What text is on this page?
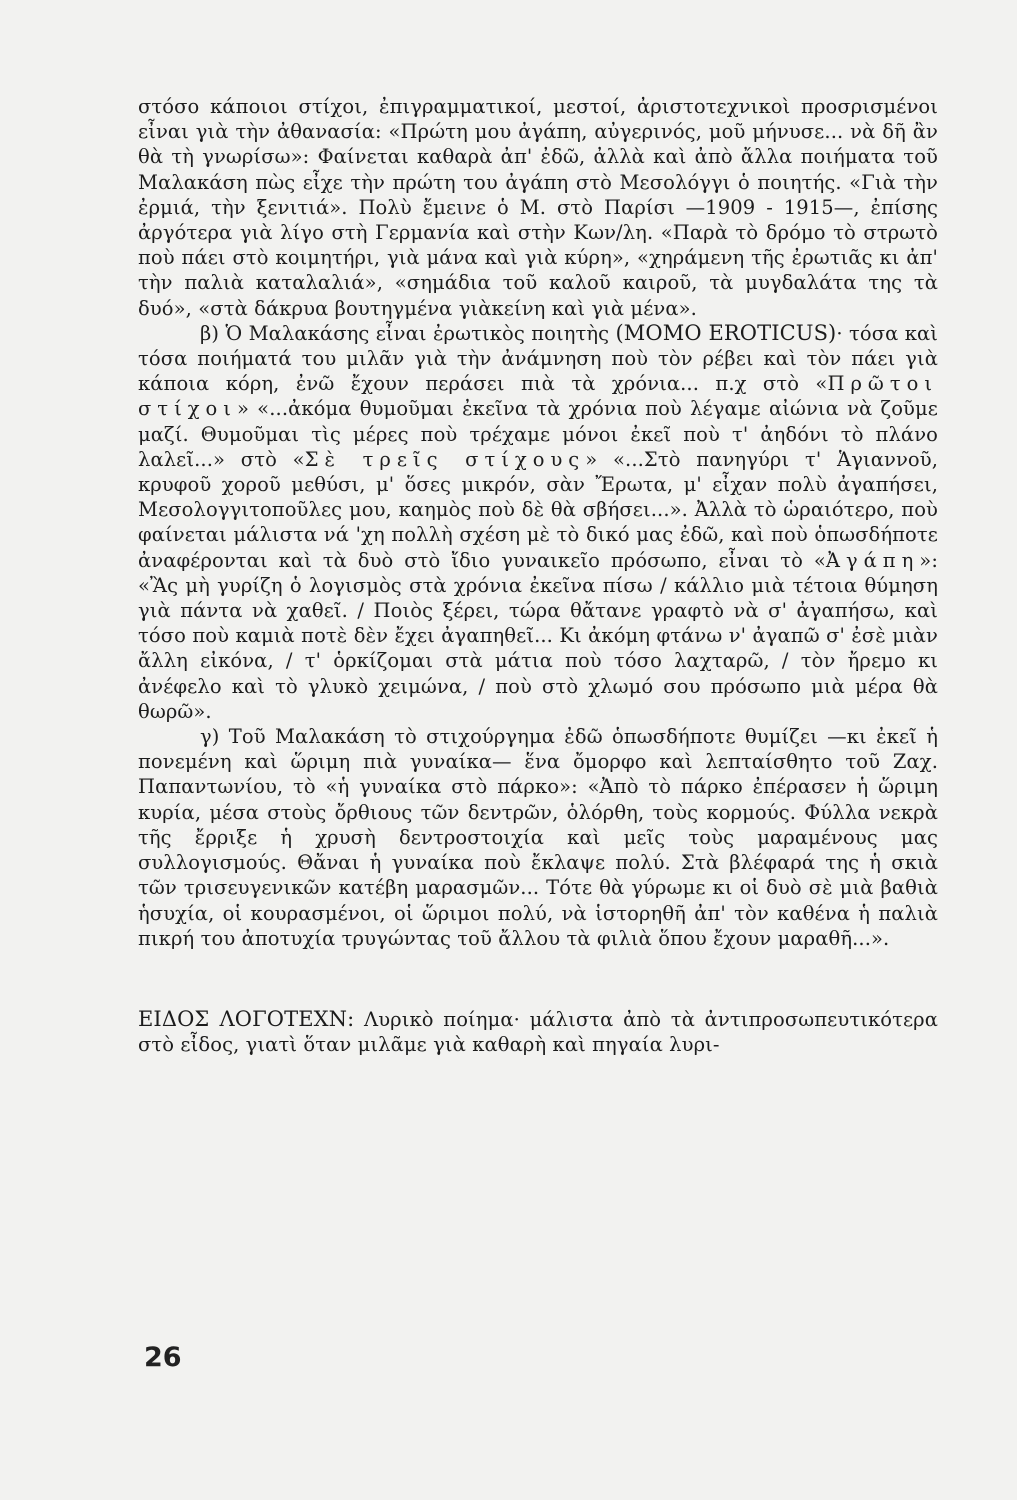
στόσο κάποιοι στίχοι, ἐπιγραμματικοί, μεστοί, ἀριστοτεχνικοὶ προσρισμένοι εἶναι γιὰ τὴν ἀθανασία: «Πρώτη μου ἀγάπη, αὐγερινός, μοῦ μήνυσε... νὰ δῆ ἂν θὰ τὴ γνωρίσω»: Φαίνεται καθαρὰ ἀπ' ἐδῶ, ἀλλὰ καὶ ἀπὸ ἄλλα ποιήματα τοῦ Μαλακάση πὼς εἶχε τὴν πρώτη του ἀγάπη στὸ Μεσολόγγι ὁ ποιητής. «Γιὰ τὴν ἐρμιά, τὴν ξενιτιά». Πολὺ ἔμεινε ὁ Μ. στὸ Παρίσι —1909 - 1915—, ἐπίσης ἀργότερα γιὰ λίγο στὴ Γερμανία καὶ στὴν Κων/λη. «Παρὰ τὸ δρόμο τὸ στρωτὸ ποὺ πάει στὸ κοιμητήρι, γιὰ μάνα καὶ γιὰ κύρη», «χηράμενη τῆς ἐρωτιᾶς κι ἀπ' τὴν παλιὰ καταλαλιά», «σημάδια τοῦ καλοῦ καιροῦ, τὰ μυγδαλάτα της τὰ δυό», «στὰ δάκρυα βουτηγμένα γιὰκείνη καὶ γιὰ μένα».

β) Ὁ Μαλακάσης εἶναι ἐρωτικὸς ποιητὴς (MOMO EROTICUS)· τόσα καὶ τόσα ποιήματά του μιλᾶν γιὰ τὴν ἀνάμνηση ποὺ τὸν ρέβει καὶ τὸν πάει γιὰ κάποια κόρη, ἐνῶ ἔχουν περάσει πιὰ τὰ χρόνια... π.χ στὸ «Πρῶτοι στίχοι» «...ἀκόμα θυμοῦμαι ἐκεῖνα τὰ χρόνια ποὺ λέγαμε αἰώνια νὰ ζοῦμε μαζί. Θυμοῦμαι τὶς μέρες ποὺ τρέχαμε μόνοι ἐκεῖ ποὺ τ' ἀηδόνι τὸ πλάνο λαλεῖ...» στὸ «Σὲ τρεῖς στίχους» «...Στὸ πανηγύρι τ' Ἁγιαννοῦ, κρυφοῦ χοροῦ μεθύσι, μ' ὅσες μικρόν, σὰν Ἔρωτα, μ' εἶχαν πολὺ ἀγαπήσει, Μεσολογγιτοποῦλες μου, καημὸς ποὺ δὲ θὰ σβήσει...». Ἀλλὰ τὸ ὡραιότερο, ποὺ φαίνεται μάλιστα νά 'χη πολλὴ σχέση μὲ τὸ δικό μας ἐδῶ, καὶ ποὺ ὁπωσδήποτε ἀναφέρονται καὶ τὰ δυὸ στὸ ἴδιο γυναικεῖο πρόσωπο, εἶναι τὸ «Ἀγάπη»: «Ἂς μὴ γυρίζη ὁ λογισμὸς στὰ χρόνια ἐκεῖνα πίσω / κάλλιο μιὰ τέτοια θύμηση γιὰ πάντα νὰ χαθεῖ. / Ποιὸς ξέρει, τώρα θἄτανε γραφτὸ νὰ σ' ἀγαπήσω, καὶ τόσο ποὺ καμιὰ ποτὲ δὲν ἔχει ἀγαπηθεῖ... Κι ἀκόμη φτάνω ν' ἀγαπῶ σ' ἐσὲ μιὰν ἄλλη εἰκόνα, / τ' ὁρκίζομαι στὰ μάτια ποὺ τόσο λαχταρῶ, / τὸν ἤρεμο κι ἀνέφελο καὶ τὸ γλυκὸ χειμώνα, / ποὺ στὸ χλωμό σου πρόσωπο μιὰ μέρα θὰ θωρῶ».

γ) Τοῦ Μαλακάση τὸ στιχούργημα ἐδῶ ὁπωσδήποτε θυμίζει —κι ἐκεῖ ἡ πονεμένη καὶ ὥριμη πιὰ γυναίκα— ἕνα ὄμορφο καὶ λεπταίσθητο τοῦ Ζαχ. Παπαντωνίου, τὸ «ἡ γυναίκα στὸ πάρκο»: «Ἀπὸ τὸ πάρκο ἐπέρασεν ἡ ὥριμη κυρία, μέσα στοὺς ὄρθιους τῶν δεντρῶν, ὁλόρθη, τοὺς κορμούς. Φύλλα νεκρὰ τῆς ἔρριξε ἡ χρυσὴ δεντροστοιχία καὶ μεῖς τοὺς μαραμένους μας συλλογισμούς. Θἄναι ἡ γυναίκα ποὺ ἔκλαψε πολύ. Στὰ βλέφαρά της ἡ σκιὰ τῶν τρισευγενικῶν κατέβη μαρασμῶν... Τότε θὰ γύρωμε κι οἱ δυὸ σὲ μιὰ βαθιὰ ἡσυχία, οἱ κουρασμένοι, οἱ ὥριμοι πολύ, νὰ ἱστορηθῆ ἀπ' τὸν καθένα ἡ παλιὰ πικρή του ἀποτυχία τρυγώντας τοῦ ἄλλου τὰ φιλιὰ ὅπου ἔχουν μαραθῆ...».

ΕΙΔΟΣ ΛΟΓΟΤΕΧΝ: Λυρικὸ ποίημα· μάλιστα ἀπὸ τὰ ἀντιπροσωπευτικότερα στὸ εἶδος, γιατὶ ὅταν μιλᾶμε γιὰ καθαρὴ καὶ πηγαία λυρι-

26
